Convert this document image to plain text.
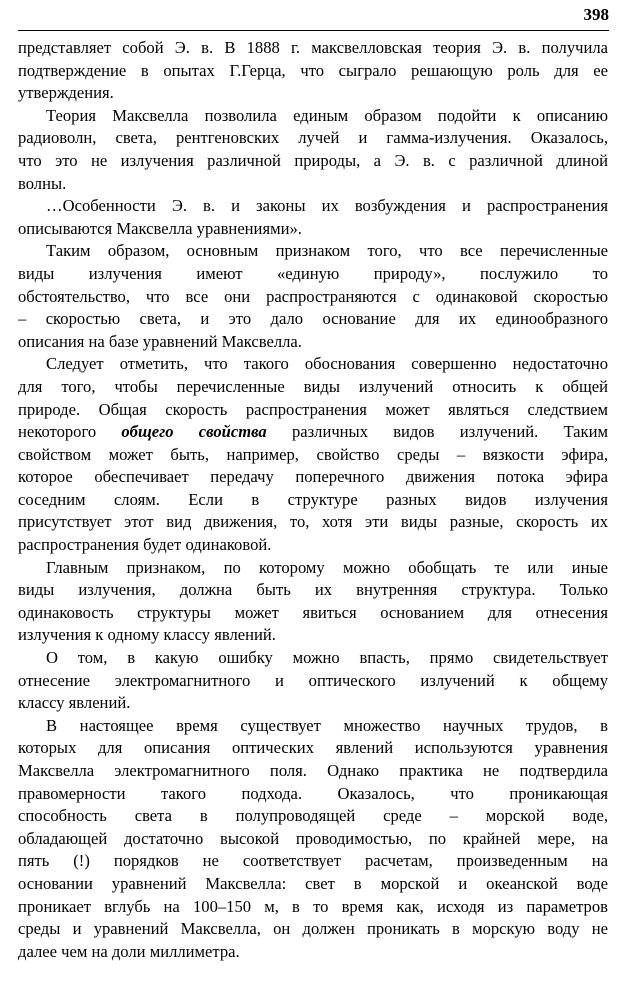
398
представляет собой Э. в. В 1888 г. максвелловская теория Э. в. получила
подтверждение в опытах Г.Герца, что сыграло решающую роль для ее
утверждения.
Теория Максвелла позволила единым образом подойти к описанию
радиоволн, света, рентгеновских лучей и гамма-излучения. Оказалось,
что это не излучения различной природы, а Э. в. с различной длиной
волны.
…Особенности Э. в. и законы их возбуждения и распространения
описываются Максвелла уравнениями».
Таким образом, основным признаком того, что все перечисленные
виды излучения имеют «единую природу», послужило то
обстоятельство, что все они распространяются с одинаковой скоростью
– скоростью света, и это дало основание для их единообразного
описания на базе уравнений Максвелла.
Следует отметить, что такого обоснования совершенно недостаточно
для того, чтобы перечисленные виды излучений относить к общей
природе. Общая скорость распространения может являться следствием
некоторого общего свойства различных видов излучений. Таким
свойством может быть, например, свойство среды – вязкости эфира,
которое обеспечивает передачу поперечного движения потока эфира
соседним слоям. Если в структуре разных видов излучения
присутствует этот вид движения, то, хотя эти виды разные, скорость их
распространения будет одинаковой.
Главным признаком, по которому можно обобщать те или иные
виды излучения, должна быть их внутренняя структура. Только
одинаковость структуры может явиться основанием для отнесения
излучения к одному классу явлений.
О том, в какую ошибку можно впасть, прямо свидетельствует
отнесение электромагнитного и оптического излучений к общему
классу явлений.
В настоящее время существует множество научных трудов, в
которых для описания оптических явлений используются уравнения
Максвелла электромагнитного поля. Однако практика не подтвердила
правомерности такого подхода. Оказалось, что проникающая
способность света в полупроводящей среде – морской воде,
обладающей достаточно высокой проводимостью, по крайней мере, на
пять (!) порядков не соответствует расчетам, произведенным на
основании уравнений Максвелла: свет в морской и океанской воде
проникает вглубь на 100–150 м, в то время как, исходя из параметров
среды и уравнений Максвелла, он должен проникать в морскую воду не
далее чем на доли миллиметра.
